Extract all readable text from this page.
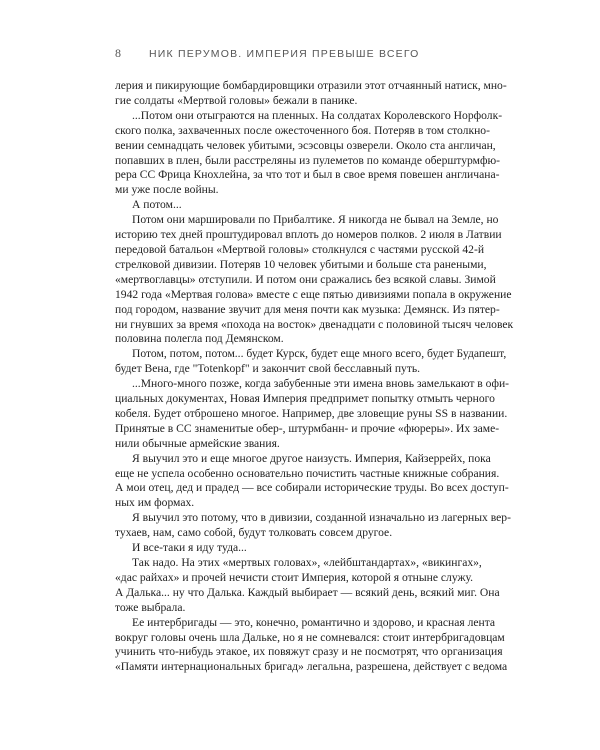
8	НИК ПЕРУМОВ. ИМПЕРИЯ ПРЕВЫШЕ ВСЕГО
лерия и пикирующие бомбардировщики отразили этот отчаянный натиск, мно-
гие солдаты «Мертвой головы» бежали в панике.
...Потом они отыграются на пленных. На солдатах Королевского Норфолк-
ского полка, захваченных после ожесточенного боя. Потеряв в том столкно-
вении семнадцать человек убитыми, эсэсовцы озверели. Около ста англичан,
попавших в плен, были расстреляны из пулеметов по команде оберштурмфю-
рера СС Фрица Кнохлейна, за что тот и был в свое время повешен англичана-
ми уже после войны.
А потом...
Потом они маршировали по Прибалтике. Я никогда не бывал на Земле, но
историю тех дней проштудировал вплоть до номеров полков. 2 июля в Латвии
передовой батальон «Мертвой головы» столкнулся с частями русской 42-й
стрелковой дивизии. Потеряв 10 человек убитыми и больше ста ранеными,
«мертвоглавцы» отступили. И потом они сражались без всякой славы. Зимой
1942 года «Мертвая голова» вместе с еще пятью дивизиями попала в окружение
под городом, название звучит для меня почти как музыка: Демянск. Из пятер-
ни гнувших за время «похода на восток» двенадцати с половиной тысяч человек
половина полегла под Демянском.
Потом, потом, потом... будет Курск, будет еще много всего, будет Будапешт,
будет Вена, где "Totenkopf" и закончит свой бесславный путь.
...Много-много позже, когда забубенные эти имена вновь замелькают в офи-
циальных документах, Новая Империя предпримет попытку отмыть черного
кобеля. Будет отброшено многое. Например, две зловещие руны SS в названии.
Принятые в СС знаменитые обер-, штурмбанн- и прочие «фюреры». Их заме-
нили обычные армейские звания.
Я выучил это и еще многое другое наизусть. Империя, Кайзеррейх, пока
еще не успела особенно основательно почистить частные книжные собрания.
А мои отец, дед и прадед — все собирали исторические труды. Во всех доступ-
ных им формах.
Я выучил это потому, что в дивизии, созданной изначально из лагерных вер-
тухаев, нам, само собой, будут толковать совсем другое.
И все-таки я иду туда...
Так надо. На этих «мертвых головах», «лейбштандартах», «викингах»,
«дас райхах» и прочей нечисти стоит Империя, которой я отныне служу.
А Далька... ну что Далька. Каждый выбирает — всякий день, всякий миг. Она
тоже выбрала.
Ее интербригады — это, конечно, романтично и здорово, и красная лента
вокруг головы очень шла Дальке, но я не сомневался: стоит интербригадовцам
учинить что-нибудь этакое, их повяжут сразу и не посмотрят, что организация
«Памяти интернациональных бригад» легальна, разрешена, действует с ведома
